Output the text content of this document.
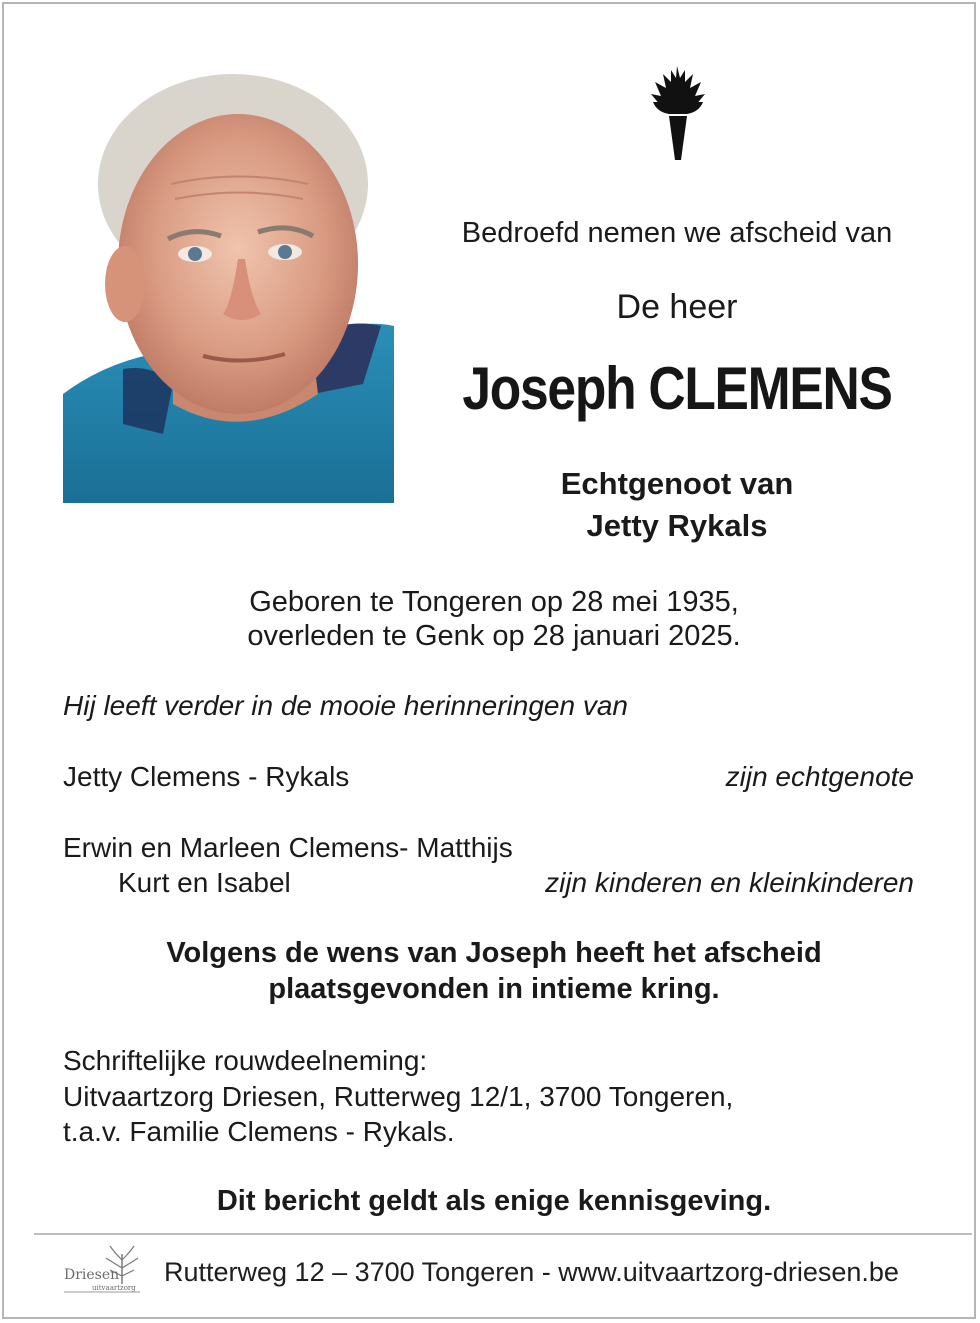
Bedroefd nemen we afscheid van
De heer
Joseph CLEMENS
Echtgenoot van
Jetty Rykals
Geboren te Tongeren op 28 mei 1935,
overleden te Genk op 28 januari 2025.
Hij leeft verder in de mooie herinneringen van
Jetty Clemens - Rykals	zijn echtgenote
Erwin en Marleen Clemens- Matthijs
Kurt en Isabel	zijn kinderen en kleinkinderen
Volgens de wens van Joseph heeft het afscheid
plaatsgevonden in intieme kring.
Schriftelijke rouwdeelneming:
Uitvaartzorg Driesen, Rutterweg 12/1, 3700 Tongeren,
t.a.v. Familie Clemens - Rykals.
Dit bericht geldt als enige kennisgeving.
Driesen
uitvaartzorg
Rutterweg 12 – 3700 Tongeren - www.uitvaartzorg-driesen.be
